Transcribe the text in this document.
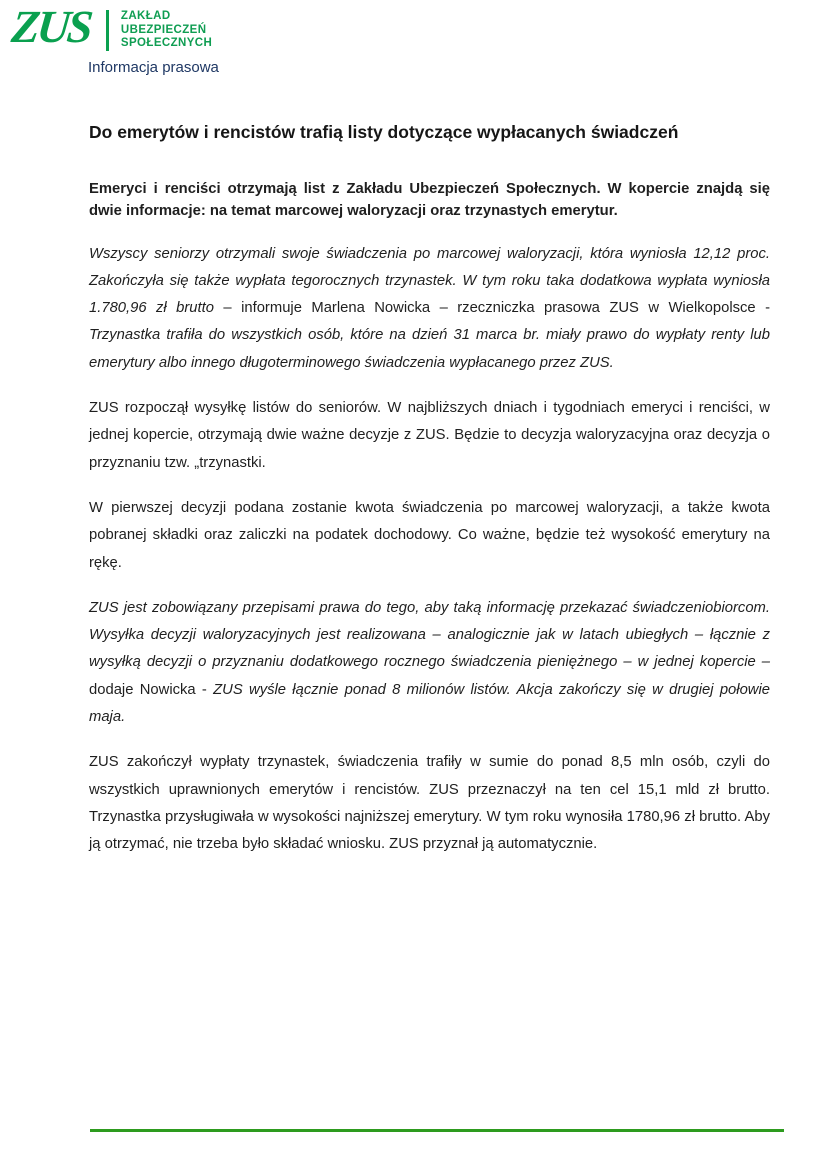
ZUS ZAKŁAD
UBEZPIECZEŃ
SPOŁECZNYCH
Informacja prasowa
Do emerytów i rencistów trafią listy dotyczące wypłacanych świadczeń

Emeryci i renciści otrzymają list z Zakładu Ubezpieczeń Społecznych. W kopercie znajdą się dwie informacje: na temat marcowej waloryzacji oraz trzynastych emerytur.

Wszyscy seniorzy otrzymali swoje świadczenia po marcowej waloryzacji, która wyniosła 12,12 proc. Zakończyła się także wypłata tegorocznych trzynastek. W tym roku taka dodatkowa wypłata wyniosła 1.780,96 zł brutto – informuje Marlena Nowicka – rzeczniczka prasowa ZUS w Wielkopolsce - Trzynastka trafiła do wszystkich osób, które na dzień 31 marca br. miały prawo do wypłaty renty lub emerytury albo innego długoterminowego świadczenia wypłacanego przez ZUS.

ZUS rozpoczął wysyłkę listów do seniorów. W najbliższych dniach i tygodniach emeryci i renciści, w jednej kopercie, otrzymają dwie ważne decyzje z ZUS. Będzie to decyzja waloryzacyjna oraz decyzja o przyznaniu tzw. „trzynastki.

W pierwszej decyzji podana zostanie kwota świadczenia po marcowej waloryzacji, a także kwota pobranej składki oraz zaliczki na podatek dochodowy. Co ważne, będzie też wysokość emerytury na rękę.

ZUS jest zobowiązany przepisami prawa do tego, aby taką informację przekazać świadczeniobiorcom. Wysyłka decyzji waloryzacyjnych jest realizowana – analogicznie jak w latach ubiegłych – łącznie z wysyłką decyzji o przyznaniu dodatkowego rocznego świadczenia pieniężnego – w jednej kopercie – dodaje Nowicka - ZUS wyśle łącznie ponad 8 milionów listów. Akcja zakończy się w drugiej połowie maja.

ZUS zakończył wypłaty trzynastek, świadczenia trafiły w sumie do ponad 8,5 mln osób, czyli do wszystkich uprawnionych emerytów i rencistów. ZUS przeznaczył na ten cel 15,1 mld zł brutto. Trzynastka przysługiwała w wysokości najniższej emerytury. W tym roku wynosiła 1780,96 zł brutto. Aby ją otrzymać, nie trzeba było składać wniosku. ZUS przyznał ją automatycznie.
